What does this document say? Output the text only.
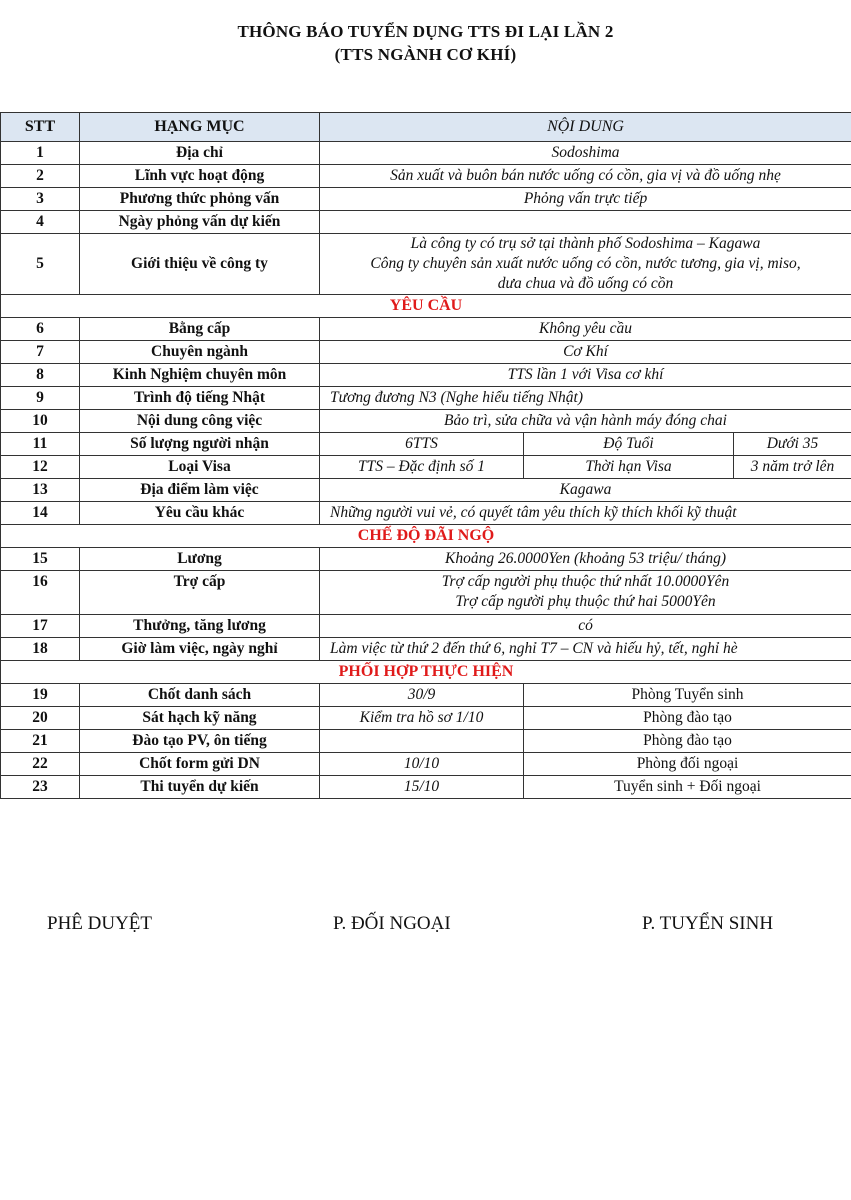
THÔNG BÁO TUYỂN DỤNG TTS ĐI LẠI LẦN 2
(TTS NGÀNH CƠ KHÍ)
STT	HẠNG MỤC	NỘI DUNG		
1	Địa chỉ	Sodoshima		
2	Lĩnh vực hoạt động	Sản xuất và buôn bán nước uống có cồn, gia vị và đồ uống nhẹ		
3	Phương thức phỏng vấn	Phỏng vấn trực tiếp		
4	Ngày phỏng vấn dự kiến			
5	Giới thiệu về công ty	Là công ty có trụ sở tại thành phố Sodoshima – Kagawa
Công ty chuyên sản xuất nước uống có cồn, nước tương, gia vị, miso,
dưa chua và đồ uống có cồn		

YÊU CẦU				
6	Bằng cấp	Không yêu cầu		
7	Chuyên ngành	Cơ Khí		
8	Kinh Nghiệm chuyên môn	TTS lần 1 với Visa cơ khí		
9	Trình độ tiếng Nhật	Tương đương N3 (Nghe hiểu tiếng Nhật)		
10	Nội dung công việc	Bảo trì, sửa chữa và vận hành máy đóng chai		
11	Số lượng người nhận	6TTS	Độ Tuổi	Dưới 35
12	Loại Visa	TTS – Đặc định số 1	Thời hạn Visa	3 năm trở lên
13	Địa điểm làm việc	Kagawa		
14	Yêu cầu khác	Những người vui vẻ, có quyết tâm yêu thích kỹ thích khối kỹ thuật		
CHẾ ĐỘ ĐÃI NGỘ				
15	Lương	Khoảng 26.0000Yen (khoảng 53 triệu/ tháng)		
16	Trợ cấp	Trợ cấp người phụ thuộc thứ nhất 10.0000Yên
Trợ cấp người phụ thuộc thứ hai 5000Yên		

17	Thưởng, tăng lương	có		
18	Giờ làm việc, ngày nghỉ	Làm việc từ thứ 2 đến thứ 6, nghỉ T7 – CN và hiếu hỷ, tết, nghỉ hè		
PHỐI HỢP THỰC HIỆN				
19	Chốt danh sách	30/9	Phòng Tuyển sinh	
20	Sát hạch kỹ năng	Kiểm tra hồ sơ 1/10	Phòng đào tạo	
21	Đào tạo PV, ôn tiếng		Phòng đào tạo	
22	Chốt form gửi DN	10/10	Phòng đối ngoại	
23	Thi tuyển dự kiến	15/10	Tuyển sinh + Đối ngoại	
PHÊ DUYỆT	P. ĐỐI NGOẠI	P. TUYỂN SINH
